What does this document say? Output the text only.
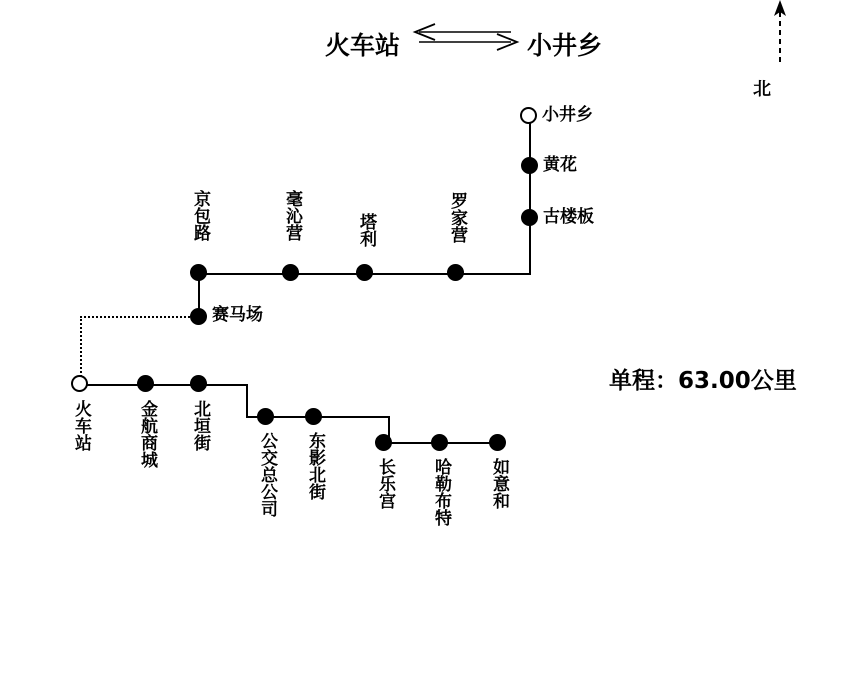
火车站	小井乡
北
单程：63.00公里
小井乡
黄花
古楼板
罗家营
塔利
毫沁营
京包路
赛马场
火车站	金航商城 北垣街
公交总公司 东影北街	长乐宫 哈勒布特 如意和
